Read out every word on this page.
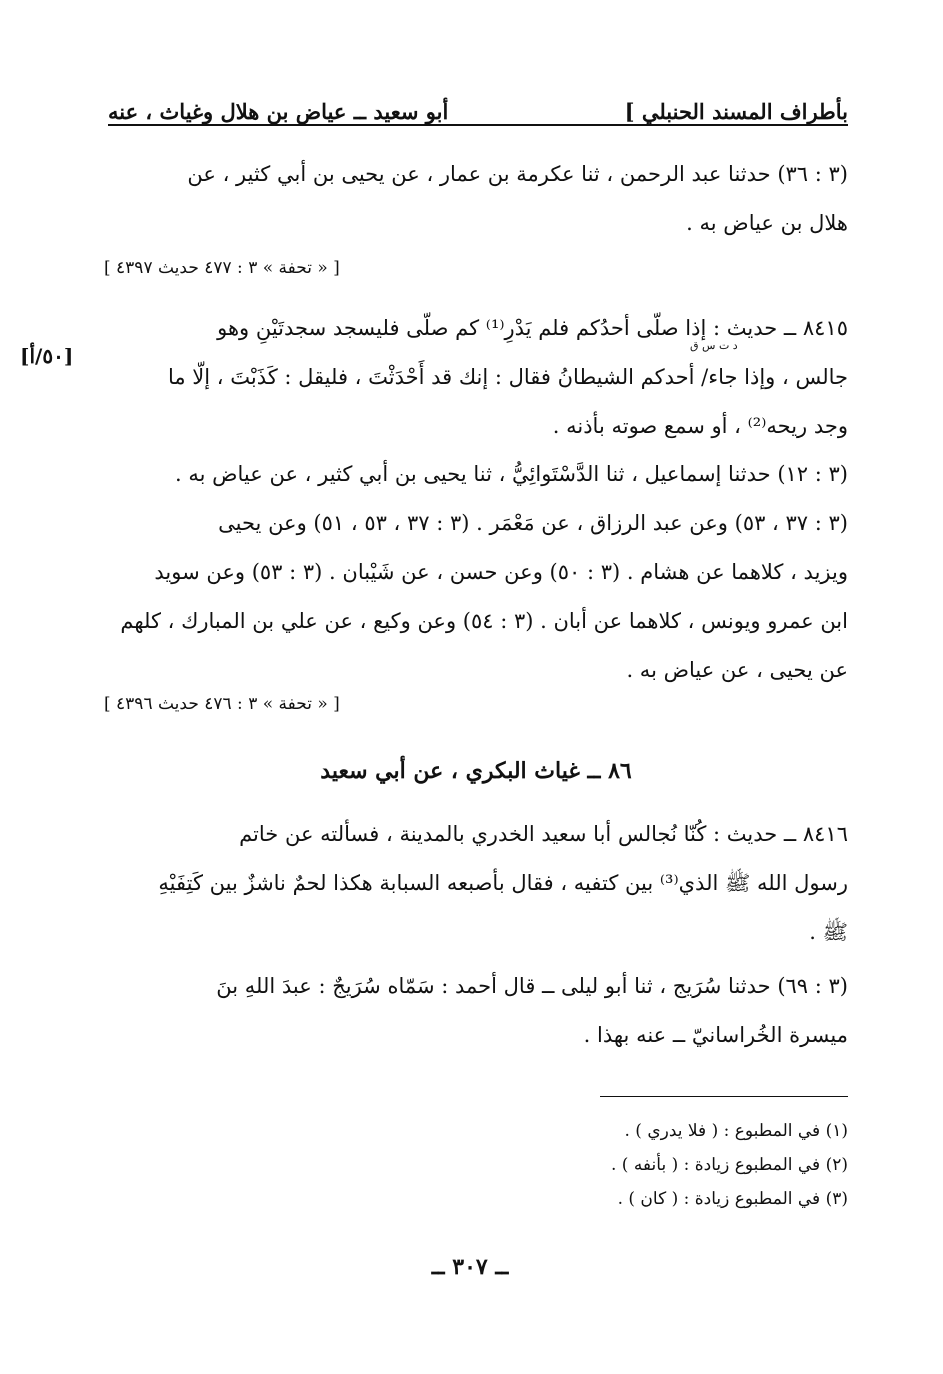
بأطراف المسند الحنبلي ]
أبو سعيد ــ عياض بن هلال وغياث ، عنه
(٣ : ٣٦) حدثنا عبد الرحمن ، ثنا عكرمة بن عمار ، عن يحيى بن أبي كثير ، عن
هلال بن عياض به .
[ « تحفة » ٣ : ٤٧٧ حديث ٤٣٩٧ ]
٨٤١٥ ــ حديث : إذا صلّى أحدُكم فلم يَدْرِ⁽¹⁾ كم صلّى فليسجد سجدتَيْنِ وهو
جالس ، وإذا جاء/ أحدكم الشيطانُ فقال : إنك قد أَحْدَثْتَ ، فليقل : كَذَبْتَ ، إلّا ما
وجد ريحه⁽²⁾ ، أو سمع صوته بأذنه .
د ت س ق
[٥٠/أ]
(٣ : ١٢) حدثنا إسماعيل ، ثنا الدَّسْتَوائِيُّ ، ثنا يحيى بن أبي كثير ، عن عياض به .
(٣ : ٣٧ ، ٥٣) وعن عبد الرزاق ، عن مَعْمَر . (٣ : ٣٧ ، ٥٣ ، ٥١) وعن يحيى
ويزيد ، كلاهما عن هشام . (٣ : ٥٠) وعن حسن ، عن شَيْبان . (٣ : ٥٣) وعن سويد
ابن عمرو ويونس ، كلاهما عن أبان . (٣ : ٥٤) وعن وكيع ، عن علي بن المبارك ، كلهم
عن يحيى ، عن عياض به .
[ « تحفة » ٣ : ٤٧٦ حديث ٤٣٩٦ ]
٨٦ ــ غياث البكري ، عن أبي سعيد
٨٤١٦ ــ حديث : كُنّا نُجالس أبا سعيد الخدري بالمدينة ، فسألته عن خاتم
رسول الله ﷺ الذي⁽³⁾ بين كتفيه ، فقال بأصبعه السبابة هكذا لحمٌ ناشزٌ بين كَتِفَيْهِ
ﷺ .
(٣ : ٦٩) حدثنا سُرَيج ، ثنا أبو ليلى ــ قال أحمد : سَمّاه سُرَيجٌ : عبدَ اللهِ بنَ
ميسرة الخُراسانيّ ــ عنه بهذا .
(١) في المطبوع : ( فلا يدري ) .
(٢) في المطبوع زيادة : ( بأنفه ) .
(٣) في المطبوع زيادة : ( كان ) .
ــ ٣٠٧ ــ
